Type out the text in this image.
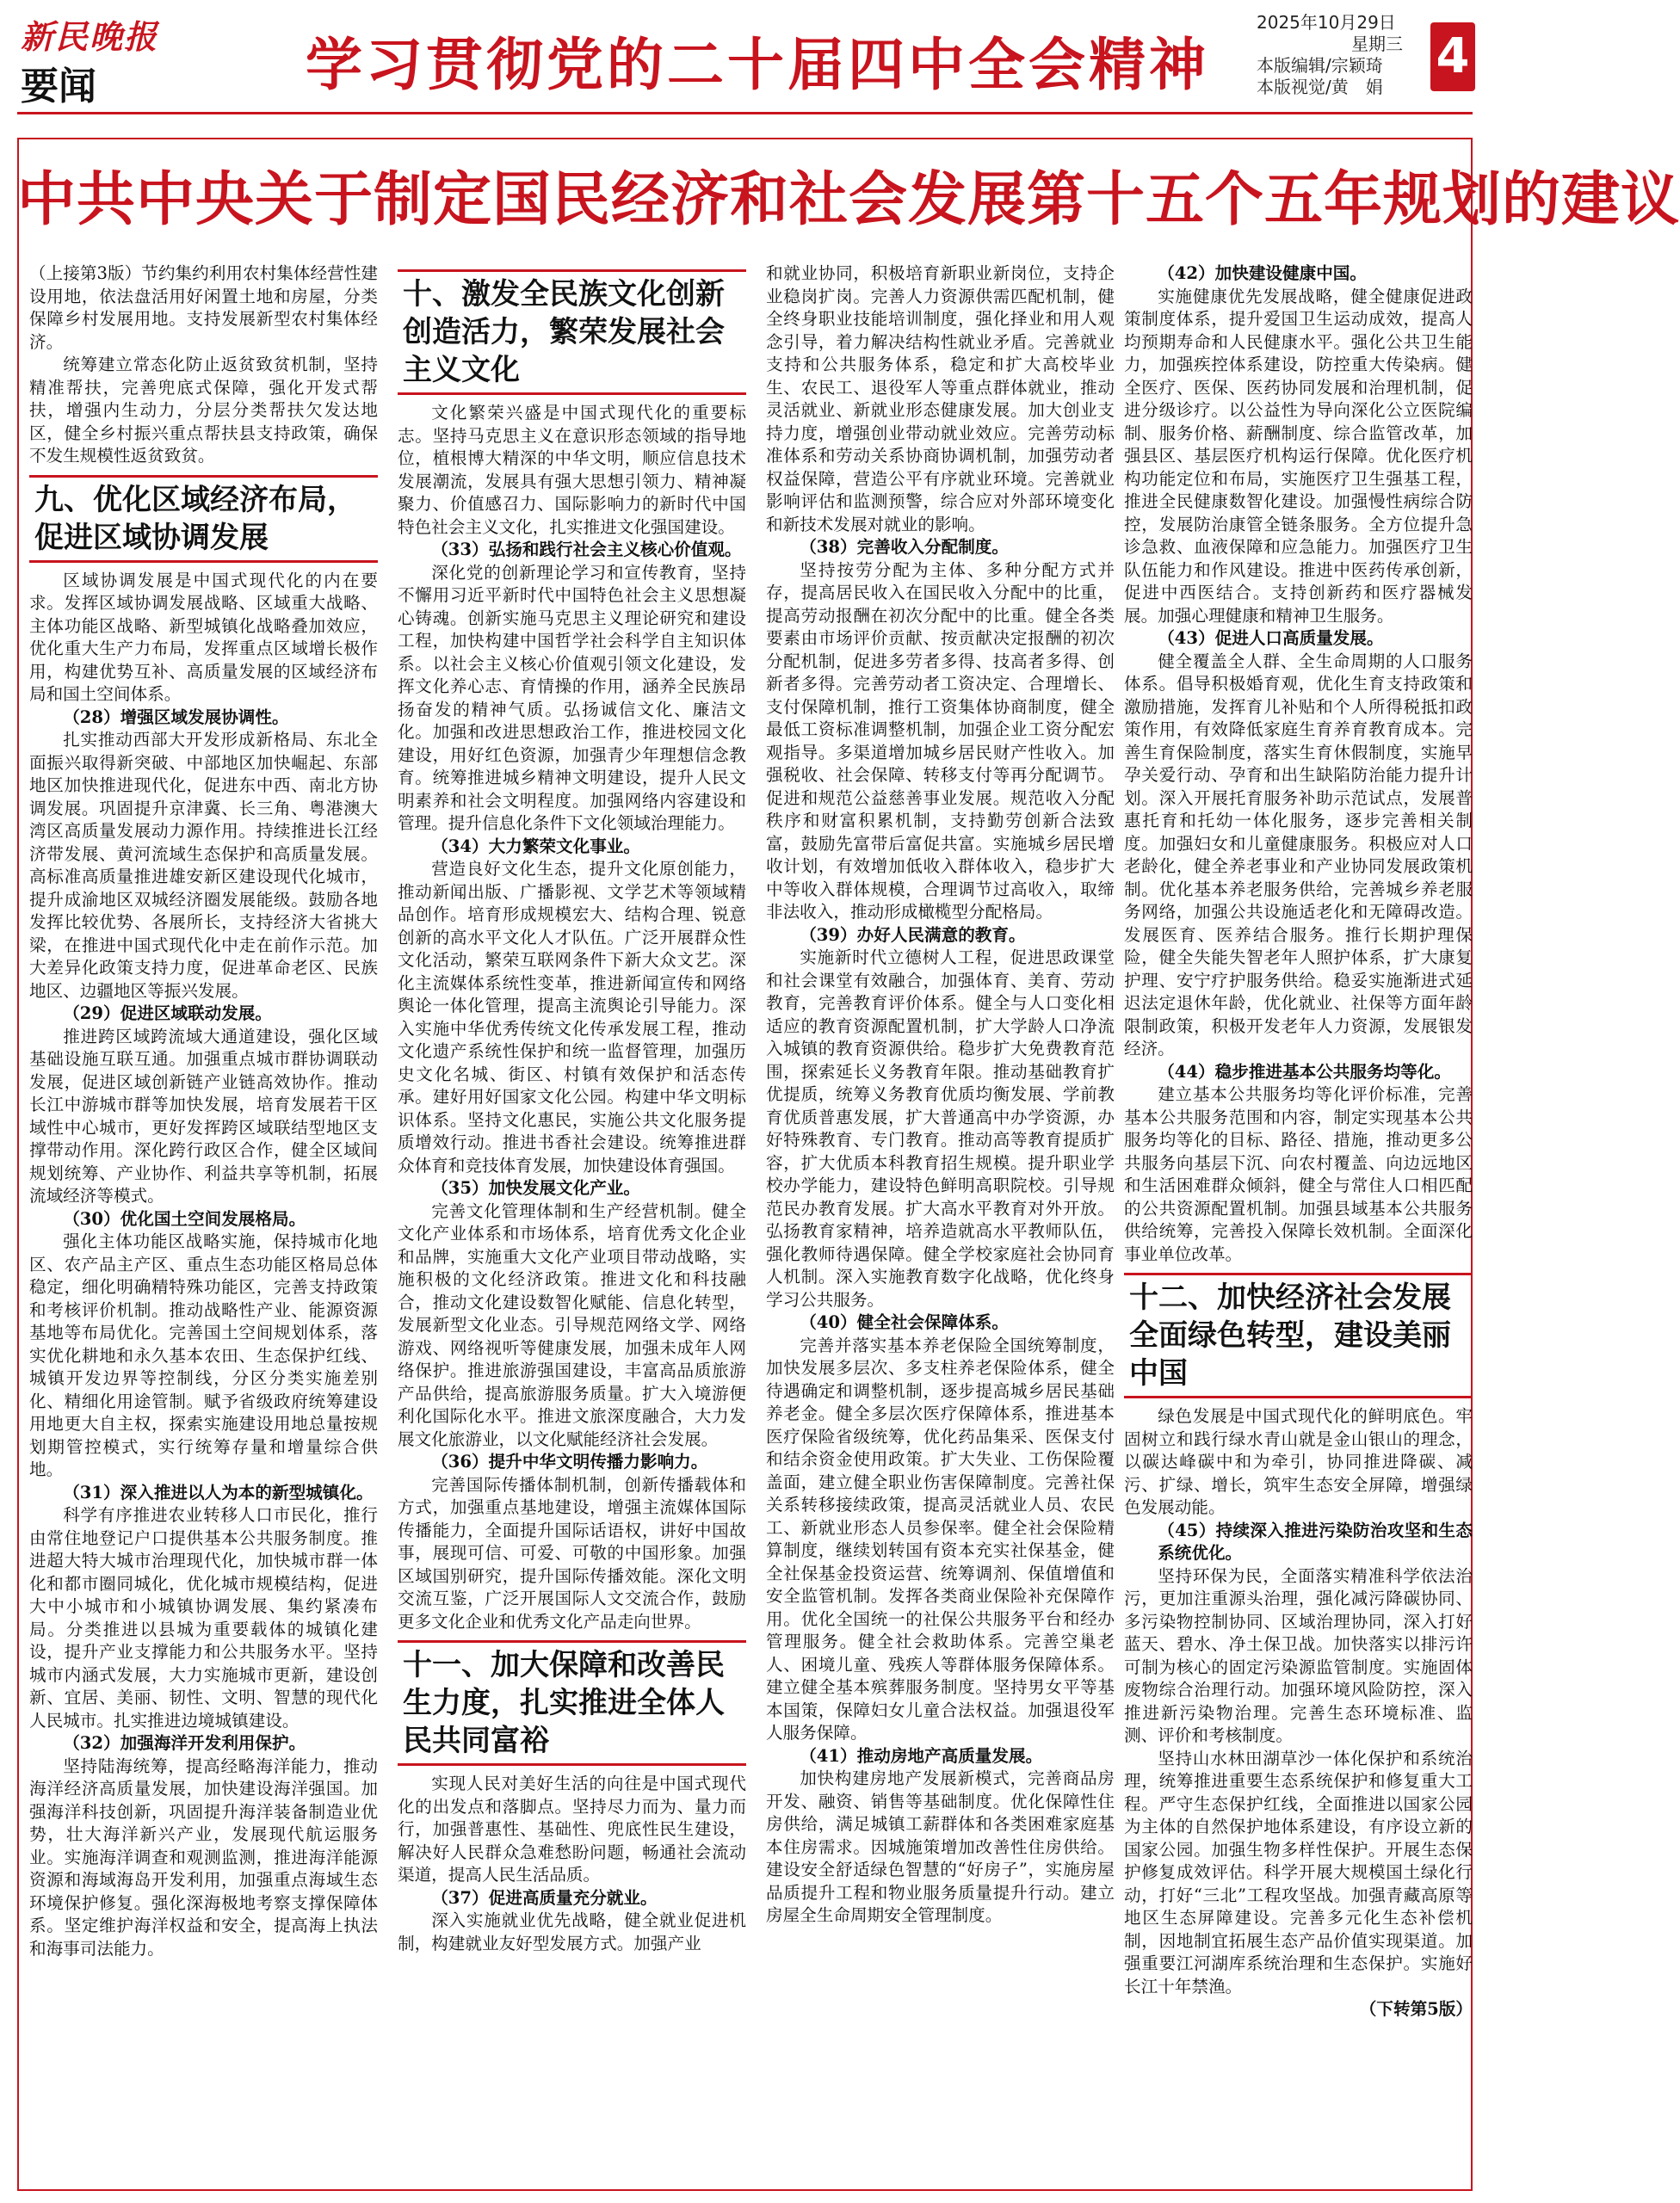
新民晚报
要闻	学习贯彻党的二十届四中全会精神
2025年10月29日
星期三
本版编辑/宗颖琦
本版视觉/黄　娟
4
中共中央关于制定国民经济和社会发展第十五个五年规划的建议

（上接第3版）节约集约利用农村集体经营性建设用地，依法盘活用好闲置土地和房屋，分类保障乡村发展用地。支持发展新型农村集体经济。

统筹建立常态化防止返贫致贫机制，坚持精准帮扶，完善兜底式保障，强化开发式帮扶，增强内生动力，分层分类帮扶欠发达地区，健全乡村振兴重点帮扶县支持政策，确保不发生规模性返贫致贫。

九、优化区域经济布局，促进区域协调发展

区域协调发展是中国式现代化的内在要求。发挥区域协调发展战略、区域重大战略、主体功能区战略、新型城镇化战略叠加效应，优化重大生产力布局，发挥重点区域增长极作用，构建优势互补、高质量发展的区域经济布局和国土空间体系。

（28）增强区域发展协调性。

扎实推动西部大开发形成新格局、东北全面振兴取得新突破、中部地区加快崛起、东部地区加快推进现代化，促进东中西、南北方协调发展。巩固提升京津冀、长三角、粤港澳大湾区高质量发展动力源作用。持续推进长江经济带发展、黄河流域生态保护和高质量发展。高标准高质量推进雄安新区建设现代化城市，提升成渝地区双城经济圈发展能级。鼓励各地发挥比较优势、各展所长，支持经济大省挑大梁，在推进中国式现代化中走在前作示范。加大差异化政策支持力度，促进革命老区、民族地区、边疆地区等振兴发展。

（29）促进区域联动发展。

推进跨区域跨流域大通道建设，强化区域基础设施互联互通。加强重点城市群协调联动发展，促进区域创新链产业链高效协作。推动长江中游城市群等加快发展，培育发展若干区域性中心城市，更好发挥跨区域联结型地区支撑带动作用。深化跨行政区合作，健全区域间规划统筹、产业协作、利益共享等机制，拓展流域经济等模式。

（30）优化国土空间发展格局。

强化主体功能区战略实施，保持城市化地区、农产品主产区、重点生态功能区格局总体稳定，细化明确精特殊功能区，完善支持政策和考核评价机制。推动战略性产业、能源资源基地等布局优化。完善国土空间规划体系，落实优化耕地和永久基本农田、生态保护红线、城镇开发边界等控制线，分区分类实施差别化、精细化用途管制。赋予省级政府统筹建设用地更大自主权，探索实施建设用地总量按规划期管控模式，实行统筹存量和增量综合供地。

（31）深入推进以人为本的新型城镇化。

科学有序推进农业转移人口市民化，推行由常住地登记户口提供基本公共服务制度。推进超大特大城市治理现代化，加快城市群一体化和都市圈同城化，优化城市规模结构，促进大中小城市和小城镇协调发展、集约紧凑布局。分类推进以县城为重要载体的城镇化建设，提升产业支撑能力和公共服务水平。坚持城市内涵式发展，大力实施城市更新，建设创新、宜居、美丽、韧性、文明、智慧的现代化人民城市。扎实推进边境城镇建设。

（32）加强海洋开发利用保护。

坚持陆海统筹，提高经略海洋能力，推动海洋经济高质量发展，加快建设海洋强国。加强海洋科技创新，巩固提升海洋装备制造业优势，壮大海洋新兴产业，发展现代航运服务业。实施海洋调查和观测监测，推进海洋能源资源和海域海岛开发利用，加强重点海域生态环境保护修复。强化深海极地考察支撑保障体系。坚定维护海洋权益和安全，提高海上执法和海事司法能力。

十、激发全民族文化创新创造活力，繁荣发展社会主义文化

文化繁荣兴盛是中国式现代化的重要标志。坚持马克思主义在意识形态领域的指导地位，植根博大精深的中华文明，顺应信息技术发展潮流，发展具有强大思想引领力、精神凝聚力、价值感召力、国际影响力的新时代中国特色社会主义文化，扎实推进文化强国建设。

（33）弘扬和践行社会主义核心价值观。

深化党的创新理论学习和宣传教育，坚持不懈用习近平新时代中国特色社会主义思想凝心铸魂。创新实施马克思主义理论研究和建设工程，加快构建中国哲学社会科学自主知识体系。以社会主义核心价值观引领文化建设，发挥文化养心志、育情操的作用，涵养全民族昂扬奋发的精神气质。弘扬诚信文化、廉洁文化。加强和改进思想政治工作，推进校园文化建设，用好红色资源，加强青少年理想信念教育。统筹推进城乡精神文明建设，提升人民文明素养和社会文明程度。加强网络内容建设和管理。提升信息化条件下文化领域治理能力。

（34）大力繁荣文化事业。

营造良好文化生态，提升文化原创能力，推动新闻出版、广播影视、文学艺术等领域精品创作。培育形成规模宏大、结构合理、锐意创新的高水平文化人才队伍。广泛开展群众性文化活动，繁荣互联网条件下新大众文艺。深化主流媒体系统性变革，推进新闻宣传和网络舆论一体化管理，提高主流舆论引导能力。深入实施中华优秀传统文化传承发展工程，推动文化遗产系统性保护和统一监督管理，加强历史文化名城、街区、村镇有效保护和活态传承。建好用好国家文化公园。构建中华文明标识体系。坚持文化惠民，实施公共文化服务提质增效行动。推进书香社会建设。统筹推进群众体育和竞技体育发展，加快建设体育强国。

（35）加快发展文化产业。

完善文化管理体制和生产经营机制。健全文化产业体系和市场体系，培育优秀文化企业和品牌，实施重大文化产业项目带动战略，实施积极的文化经济政策。推进文化和科技融合，推动文化建设数智化赋能、信息化转型，发展新型文化业态。引导规范网络文学、网络游戏、网络视听等健康发展，加强未成年人网络保护。推进旅游强国建设，丰富高品质旅游产品供给，提高旅游服务质量。扩大入境游便利化国际化水平。推进文旅深度融合，大力发展文化旅游业，以文化赋能经济社会发展。

（36）提升中华文明传播力影响力。

完善国际传播体制机制，创新传播载体和方式，加强重点基地建设，增强主流媒体国际传播能力，全面提升国际话语权，讲好中国故事，展现可信、可爱、可敬的中国形象。加强区域国别研究，提升国际传播效能。深化文明交流互鉴，广泛开展国际人文交流合作，鼓励更多文化企业和优秀文化产品走向世界。

十一、加大保障和改善民生力度，扎实推进全体人民共同富裕

实现人民对美好生活的向往是中国式现代化的出发点和落脚点。坚持尽力而为、量力而行，加强普惠性、基础性、兜底性民生建设，解决好人民群众急难愁盼问题，畅通社会流动渠道，提高人民生活品质。

（37）促进高质量充分就业。

深入实施就业优先战略，健全就业促进机制，构建就业友好型发展方式。加强产业

和就业协同，积极培育新职业新岗位，支持企业稳岗扩岗。完善人力资源供需匹配机制，健全终身职业技能培训制度，强化择业和用人观念引导，着力解决结构性就业矛盾。完善就业支持和公共服务体系，稳定和扩大高校毕业生、农民工、退役军人等重点群体就业，推动灵活就业、新就业形态健康发展。加大创业支持力度，增强创业带动就业效应。完善劳动标准体系和劳动关系协商协调机制，加强劳动者权益保障，营造公平有序就业环境。完善就业影响评估和监测预警，综合应对外部环境变化和新技术发展对就业的影响。

（38）完善收入分配制度。

坚持按劳分配为主体、多种分配方式并存，提高居民收入在国民收入分配中的比重，提高劳动报酬在初次分配中的比重。健全各类要素由市场评价贡献、按贡献决定报酬的初次分配机制，促进多劳者多得、技高者多得、创新者多得。完善劳动者工资决定、合理增长、支付保障机制，推行工资集体协商制度，健全最低工资标准调整机制，加强企业工资分配宏观指导。多渠道增加城乡居民财产性收入。加强税收、社会保障、转移支付等再分配调节。促进和规范公益慈善事业发展。规范收入分配秩序和财富积累机制，支持勤劳创新合法致富，鼓励先富带后富促共富。实施城乡居民增收计划，有效增加低收入群体收入，稳步扩大中等收入群体规模，合理调节过高收入，取缔非法收入，推动形成橄榄型分配格局。

（39）办好人民满意的教育。

实施新时代立德树人工程，促进思政课堂和社会课堂有效融合，加强体育、美育、劳动教育，完善教育评价体系。健全与人口变化相适应的教育资源配置机制，扩大学龄人口净流入城镇的教育资源供给。稳步扩大免费教育范围，探索延长义务教育年限。推动基础教育扩优提质，统筹义务教育优质均衡发展、学前教育优质普惠发展，扩大普通高中办学资源，办好特殊教育、专门教育。推动高等教育提质扩容，扩大优质本科教育招生规模。提升职业学校办学能力，建设特色鲜明高职院校。引导规范民办教育发展。扩大高水平教育对外开放。弘扬教育家精神，培养造就高水平教师队伍，强化教师待遇保障。健全学校家庭社会协同育人机制。深入实施教育数字化战略，优化终身学习公共服务。

（40）健全社会保障体系。

完善并落实基本养老保险全国统筹制度，加快发展多层次、多支柱养老保险体系，健全待遇确定和调整机制，逐步提高城乡居民基础养老金。健全多层次医疗保障体系，推进基本医疗保险省级统筹，优化药品集采、医保支付和结余资金使用政策。扩大失业、工伤保险覆盖面，建立健全职业伤害保障制度。完善社保关系转移接续政策，提高灵活就业人员、农民工、新就业形态人员参保率。健全社会保险精算制度，继续划转国有资本充实社保基金，健全社保基金投资运营、统筹调剂、保值增值和安全监管机制。发挥各类商业保险补充保障作用。优化全国统一的社保公共服务平台和经办管理服务。健全社会救助体系。完善空巢老人、困境儿童、残疾人等群体服务保障体系。建立健全基本殡葬服务制度。坚持男女平等基本国策，保障妇女儿童合法权益。加强退役军人服务保障。

（41）推动房地产高质量发展。

加快构建房地产发展新模式，完善商品房开发、融资、销售等基础制度。优化保障性住房供给，满足城镇工薪群体和各类困难家庭基本住房需求。因城施策增加改善性住房供给。建设安全舒适绿色智慧的“好房子”，实施房屋品质提升工程和物业服务质量提升行动。建立房屋全生命周期安全管理制度。

（42）加快建设健康中国。

实施健康优先发展战略，健全健康促进政策制度体系，提升爱国卫生运动成效，提高人均预期寿命和人民健康水平。强化公共卫生能力，加强疾控体系建设，防控重大传染病。健全医疗、医保、医药协同发展和治理机制，促进分级诊疗。以公益性为导向深化公立医院编制、服务价格、薪酬制度、综合监管改革，加强县区、基层医疗机构运行保障。优化医疗机构功能定位和布局，实施医疗卫生强基工程，推进全民健康数智化建设。加强慢性病综合防控，发展防治康管全链条服务。全方位提升急诊急救、血液保障和应急能力。加强医疗卫生队伍能力和作风建设。推进中医药传承创新，促进中西医结合。支持创新药和医疗器械发展。加强心理健康和精神卫生服务。

（43）促进人口高质量发展。

健全覆盖全人群、全生命周期的人口服务体系。倡导积极婚育观，优化生育支持政策和激励措施，发挥育儿补贴和个人所得税抵扣政策作用，有效降低家庭生育养育教育成本。完善生育保险制度，落实生育休假制度，实施早孕关爱行动、孕育和出生缺陷防治能力提升计划。深入开展托育服务补助示范试点，发展普惠托育和托幼一体化服务，逐步完善相关制度。加强妇女和儿童健康服务。积极应对人口老龄化，健全养老事业和产业协同发展政策机制。优化基本养老服务供给，完善城乡养老服务网络，加强公共设施适老化和无障碍改造。发展医育、医养结合服务。推行长期护理保险，健全失能失智老年人照护体系，扩大康复护理、安宁疗护服务供给。稳妥实施渐进式延迟法定退休年龄，优化就业、社保等方面年龄限制政策，积极开发老年人力资源，发展银发经济。

（44）稳步推进基本公共服务均等化。

建立基本公共服务均等化评价标准，完善基本公共服务范围和内容，制定实现基本公共服务均等化的目标、路径、措施，推动更多公共服务向基层下沉、向农村覆盖、向边远地区和生活困难群众倾斜，健全与常住人口相匹配的公共资源配置机制。加强县域基本公共服务供给统筹，完善投入保障长效机制。全面深化事业单位改革。

十二、加快经济社会发展全面绿色转型，建设美丽中国

绿色发展是中国式现代化的鲜明底色。牢固树立和践行绿水青山就是金山银山的理念，以碳达峰碳中和为牵引，协同推进降碳、减污、扩绿、增长，筑牢生态安全屏障，增强绿色发展动能。

（45）持续深入推进污染防治攻坚和生态系统优化。

坚持环保为民，全面落实精准科学依法治污，更加注重源头治理，强化减污降碳协同、多污染物控制协同、区域治理协同，深入打好蓝天、碧水、净土保卫战。加快落实以排污许可制为核心的固定污染源监管制度。实施固体废物综合治理行动。加强环境风险防控，深入推进新污染物治理。完善生态环境标准、监测、评价和考核制度。

坚持山水林田湖草沙一体化保护和系统治理，统筹推进重要生态系统保护和修复重大工程。严守生态保护红线，全面推进以国家公园为主体的自然保护地体系建设，有序设立新的国家公园。加强生物多样性保护。开展生态保护修复成效评估。科学开展大规模国土绿化行动，打好“三北”工程攻坚战。加强青藏高原等地区生态屏障建设。完善多元化生态补偿机制，因地制宜拓展生态产品价值实现渠道。加强重要江河湖库系统治理和生态保护。实施好长江十年禁渔。

（下转第5版）
